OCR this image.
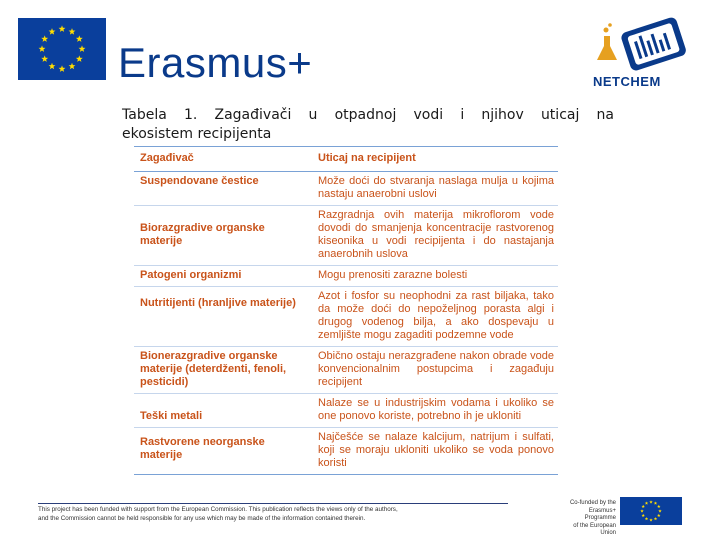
Erasmus+	NETCHEM
Tabela 1. Zagađivači u otpadnoj vodi i njihov uticaj na
ekosistem recipijenta
Zagađivač	Uticaj na recipijent
Suspendovane čestice	Može doći do stvaranja naslaga mulja u kojima nastaju anaerobni uslovi
Biorazgradive organske materije	Razgradnja ovih materija mikroflorom vode dovodi do smanjenja koncentracije rastvorenog kiseonika u vodi recipijenta i do nastajanja anaerobnih uslova
Patogeni organizmi	Mogu prenositi zarazne bolesti
Nutritijenti (hranljive materije)	Azot i fosfor su neophodni za rast biljaka, tako da može doći do nepoželjnog porasta algi i drugog vodenog bilja, a ako dospevaju u zemljište mogu zagaditi podzemne vode
Bionerazgradive organske materije (deterdženti, fenoli, pesticidi)	Obično ostaju nerazgrađene nakon obrade vode konvencionalnim postupcima i zagađuju recipijent
Teški metali	Nalaze se u industrijskim vodama i ukoliko se one ponovo koriste, potrebno ih je ukloniti
Rastvorene neorganske materije	Najčešće se nalaze kalcijum, natrijum i sulfati, koji se moraju ukloniti ukoliko se voda ponovo koristi
This project has been funded with support from the European Commission. This publication reflects the views only of the authors,
and the Commission cannot be held responsible for any use which may be made of the information contained therein.
Co-funded by the
Erasmus+ Programme
of the European Union
